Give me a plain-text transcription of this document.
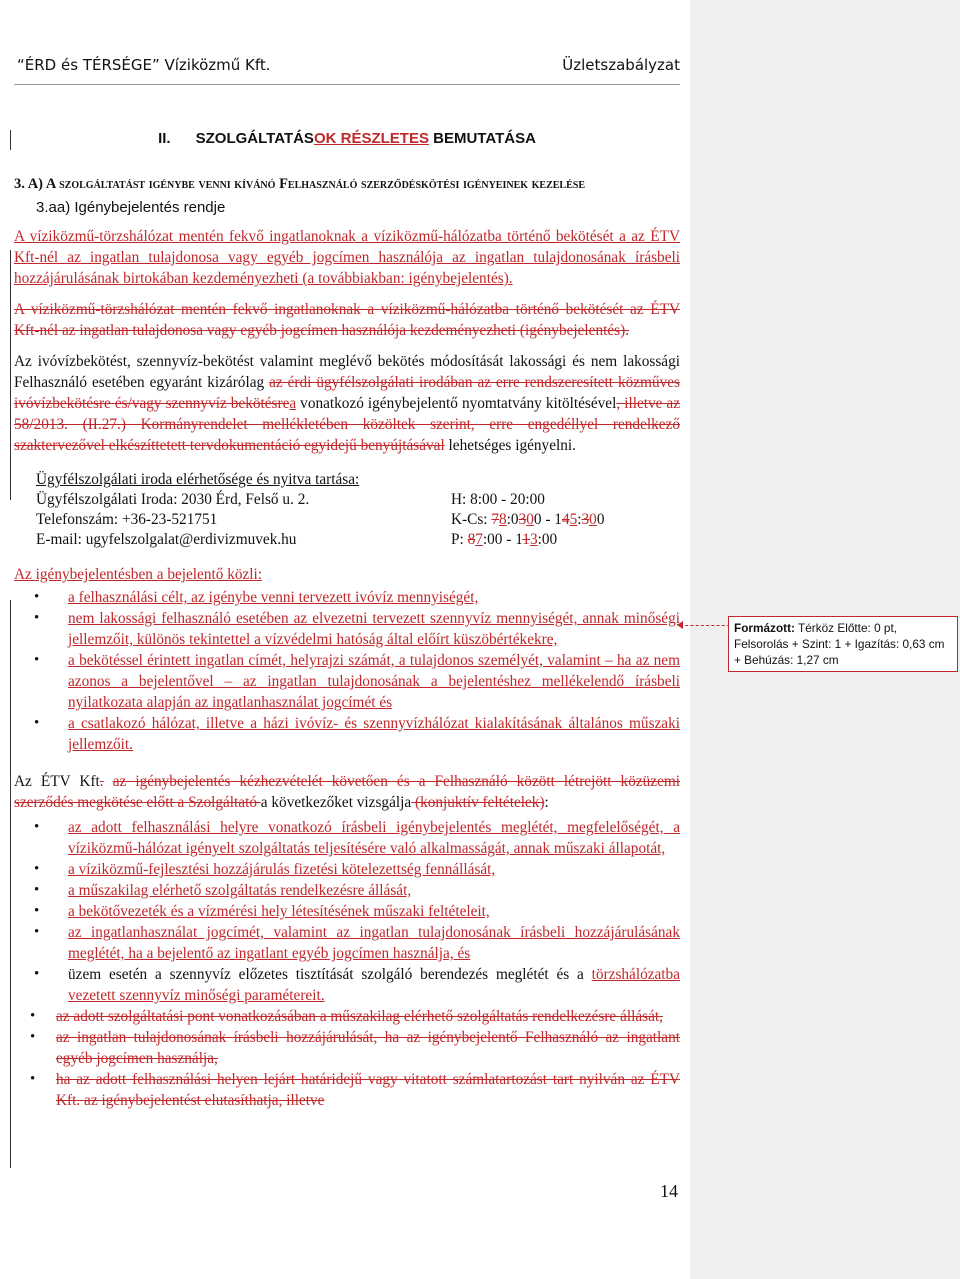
“ÉRD és TÉRSÉGE” Víziközmű Kft.	Üzletszabályzat
II. SZOLGÁLTATÁSOK RÉSZLETES BEMUTATÁSA
3. A) A szolgáltatást igénybe venni kívánó Felhasználó szerződéskötési igényeinek kezelése
3.aa) Igénybejelentés rendje

A víziközmű-törzshálózat mentén fekvő ingatlanoknak a víziközmű-hálózatba történő bekötését a az ÉTV Kft-nél az ingatlan tulajdonosa vagy egyéb jogcímen használója az ingatlan tulajdonosának írásbeli hozzájárulásának birtokában kezdeményezheti (a továbbiakban: igénybejelentés).

A víziközmű-törzshálózat mentén fekvő ingatlanoknak a víziközmű-hálózatba történő bekötését az ÉTV Kft-nél az ingatlan tulajdonosa vagy egyéb jogcímen használója kezdeményezheti (igénybejelentés).

Az ivóvízbekötést, szennyvíz-bekötést valamint meglévő bekötés módosítását lakossági és nem lakossági Felhasználó esetében egyaránt kizárólag az érdi ügyfélszolgálati irodában az erre rendszeresített közműves ivóvízbekötésre és/vagy szennyvíz bekötésrea vonatkozó igénybejelentő nyomtatvány kitöltésével, illetve az 58/2013. (II.27.) Kormányrendelet mellékletében közöltek szerint, erre engedéllyel rendelkező szaktervezővel elkészíttetett tervdokumentáció egyidejű benyújtásával lehetséges igényelni.

Ügyfélszolgálati iroda elérhetősége és nyitva tartása:
Ügyfélszolgálati Iroda: 2030 Érd, Felső u. 2.	H: 8:00 - 20:00
Telefonszám: +36-23-521751	K-Cs: 78:0300 - 145:300
E-mail: ugyfelszolgalat@erdivizmuvek.hu	P: 87:00 - 113:00
Az igénybejelentésben a bejelentő közli:
• a felhasználási célt, az igénybe venni tervezett ivóvíz mennyiségét,
• nem lakossági felhasználó esetében az elvezetni tervezett szennyvíz mennyiségét, annak minőségi jellemzőit, különös tekintettel a vízvédelmi hatóság által előírt küszöbértékekre,
• a bekötéssel érintett ingatlan címét, helyrajzi számát, a tulajdonos személyét, valamint – ha az nem azonos a bejelentővel – az ingatlan tulajdonosának a bejelentéshez mellékelendő írásbeli nyilatkozata alapján az ingatlanhasználat jogcímét és
• a csatlakozó hálózat, illetve a házi ivóvíz- és szennyvízhálózat kialakításának általános műszaki jellemzőit.

Az ÉTV Kft. az igénybejelentés kézhezvételét követően és a Felhasználó között létrejött közüzemi szerződés megkötése előtt a Szolgáltató a következőket vizsgálja (konjuktív feltételek):

• az adott felhasználási helyre vonatkozó írásbeli igénybejelentés meglétét, megfelelőségét, a víziközmű-hálózat igényelt szolgáltatás teljesítésére való alkalmasságát, annak műszaki állapotát,
• a víziközmű-fejlesztési hozzájárulás fizetési kötelezettség fennállását,
• a műszakilag elérhető szolgáltatás rendelkezésre állását,
• a bekötővezeték és a vízmérési hely létesítésének műszaki feltételeit,
• az ingatlanhasználat jogcímét, valamint az ingatlan tulajdonosának írásbeli hozzájárulásának meglétét, ha a bejelentő az ingatlant egyéb jogcímen használja, és
• üzem esetén a szennyvíz előzetes tisztítását szolgáló berendezés meglétét és a törzshálózatba vezetett szennyvíz minőségi paramétereit.
• az adott szolgáltatási pont vonatkozásában a műszakilag elérhető szolgáltatás rendelkezésre állását,
• az ingatlan tulajdonosának írásbeli hozzájárulását, ha az igénybejelentő Felhasználó az ingatlant egyéb jogcímen használja,
• ha az adott felhasználási helyen lejárt határidejű vagy vitatott számlatartozást tart nyilván az ÉTV Kft. az igénybejelentést elutasíthatja, illetve
14
Formázott: Térköz Előtte: 0 pt, Felsorolás + Szint: 1 + Igazítás: 0,63 cm + Behúzás: 1,27 cm
